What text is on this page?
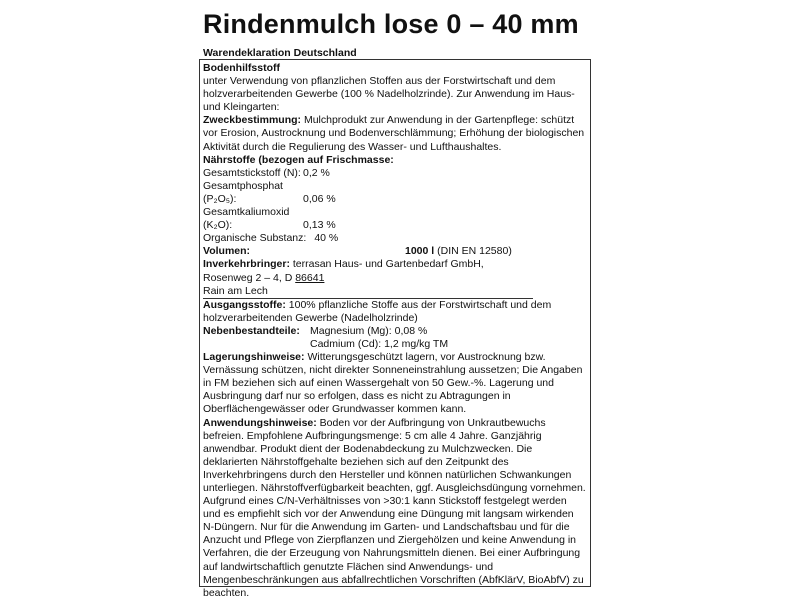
Rindenmulch lose 0 – 40 mm
Warendeklaration Deutschland

Bodenhilfsstoff
unter Verwendung von pflanzlichen Stoffen aus der Forstwirtschaft und dem holzverarbeitenden Gewerbe (100 % Nadelholzrinde). Zur Anwendung im Haus- und Kleingarten:

Zweckbestimmung: Mulchprodukt zur Anwendung in der Gartenpflege: schützt vor Erosion, Austrocknung und Bodenverschlämmung; Erhöhung der biologischen Aktivität durch die Regulierung des Wasser- und Lufthaushaltes.

Nährstoffe (bezogen auf Frischmasse:

Gesamtstickstoff (N): 0,2 %
Gesamtphosphat (P₂O₅):	0,06 %
Gesamtkaliumoxid (K₂O):	0,13 %
Organische Substanz: 40 %

Volumen:	1000 l (DIN EN 12580)

Inverkehrbringer: terrasan Haus- und Gartenbedarf GmbH, Rosenweg 2 – 4, D 86641
Rain am Lech

Ausgangsstoffe: 100% pflanzliche Stoffe aus der Forstwirtschaft und dem holzverarbeitenden Gewerbe (Nadelholzrinde)

Nebenbestandteile: Magnesium (Mg): 0,08 %
Cadmium (Cd): 1,2 mg/kg TM

Lagerungshinweise: Witterungsgeschützt lagern, vor Austrocknung bzw. Vernässung schützen, nicht direkter Sonneneinstrahlung aussetzen; Die Angaben in FM beziehen sich auf einen Wassergehalt von 50 Gew.-%. Lagerung und Ausbringung darf nur so erfolgen, dass es nicht zu Abtragungen in Oberflächengewässer oder Grundwasser kommen kann.

Anwendungshinweise: Boden vor der Aufbringung von Unkrautbewuchs befreien. Empfohlene Aufbringungsmenge: 5 cm alle 4 Jahre. Ganzjährig anwendbar. Produkt dient der Bodenabdeckung zu Mulchzwecken. Die deklarierten Nährstoffgehalte beziehen sich auf den Zeitpunkt des Inverkehrbringens durch den Hersteller und können natürlichen Schwankungen unterliegen. Nährstoffverfügbarkeit beachten, ggf. Ausgleichsdüngung vornehmen. Aufgrund eines C/N-Verhältnisses von >30:1 kann Stickstoff festgelegt werden und es empfiehlt sich vor der Anwendung eine Düngung mit langsam wirkenden N-Düngern. Nur für die Anwendung im Garten- und Landschaftsbau und für die Anzucht und Pflege von Zierpflanzen und Ziergehölzen und keine Anwendung in Verfahren, die der Erzeugung von Nahrungsmitteln dienen. Bei einer Aufbringung auf landwirtschaftlich genutzte Flächen sind Anwendungs- und Mengenbeschränkungen aus abfallrechtlichen Vorschriften (AbfKlärV, BioAbfV) zu beachten.
